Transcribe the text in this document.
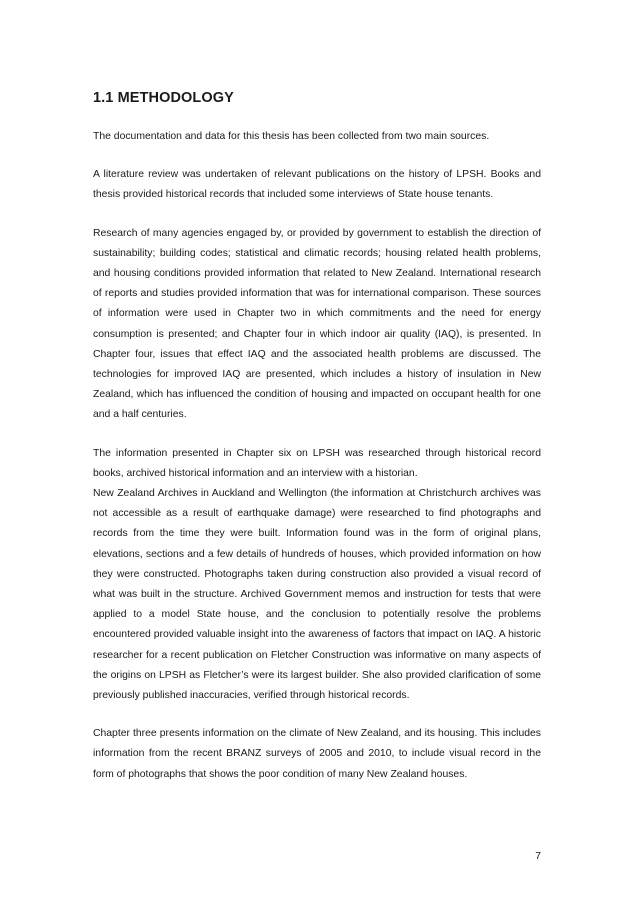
1.1 METHODOLOGY

The documentation and data for this thesis has been collected from two main sources.

A literature review was undertaken of relevant publications on the history of LPSH. Books and thesis provided historical records that included some interviews of State house tenants.

Research of many agencies engaged by, or provided by government to establish the direction of sustainability; building codes; statistical and climatic records; housing related health problems, and housing conditions provided information that related to New Zealand. International research of reports and studies provided information that was for international comparison. These sources of information were used in Chapter two in which commitments and the need for energy consumption is presented; and Chapter four in which indoor air quality (IAQ), is presented. In Chapter four, issues that effect IAQ and the associated health problems are discussed. The technologies for improved IAQ are presented, which includes a history of insulation in New Zealand, which has influenced the condition of housing and impacted on occupant health for one and a half centuries.

The information presented in Chapter six on LPSH was researched through historical record books, archived historical information and an interview with a historian.

New Zealand Archives in Auckland and Wellington (the information at Christchurch archives was not accessible as a result of earthquake damage) were researched to find photographs and records from the time they were built. Information found was in the form of original plans, elevations, sections and a few details of hundreds of houses, which provided information on how they were constructed. Photographs taken during construction also provided a visual record of what was built in the structure. Archived Government memos and instruction for tests that were applied to a model State house, and the conclusion to potentially resolve the problems encountered provided valuable insight into the awareness of factors that impact on IAQ. A historic researcher for a recent publication on Fletcher Construction was informative on many aspects of the origins on LPSH as Fletcher’s were its largest builder. She also provided clarification of some previously published inaccuracies, verified through historical records.

Chapter three presents information on the climate of New Zealand, and its housing. This includes information from the recent BRANZ surveys of 2005 and 2010, to include visual record in the form of photographs that shows the poor condition of many New Zealand houses.

7
